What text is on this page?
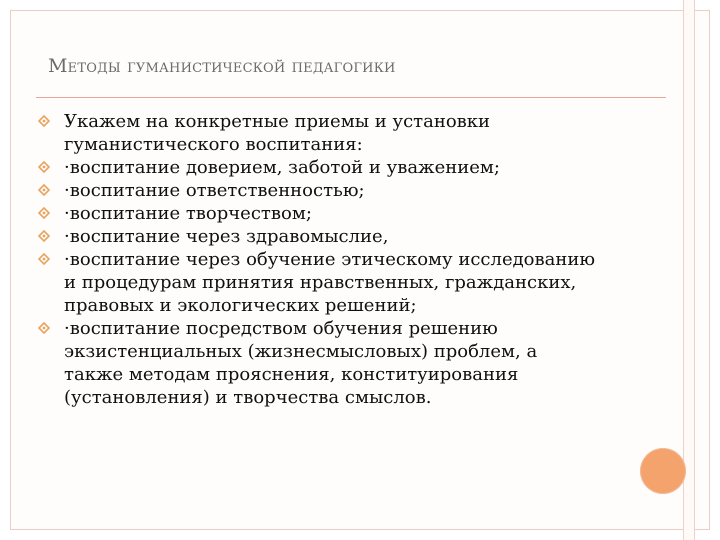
Методы гуманистической педагогики

Укажем на конкретные приемы и установки гуманистического воспитания:

·воспитание доверием, заботой и уважением;

·воспитание ответственностью;

·воспитание творчеством;

·воспитание через здравомыслие,

·воспитание через обучение этическому исследованию и процедурам принятия нравственных, гражданских, правовых и экологических решений;

·воспитание посредством обучения решению экзистенциальных (жизнесмысловых) проблем, а также методам прояснения, конституирования (установления) и творчества смыслов.
